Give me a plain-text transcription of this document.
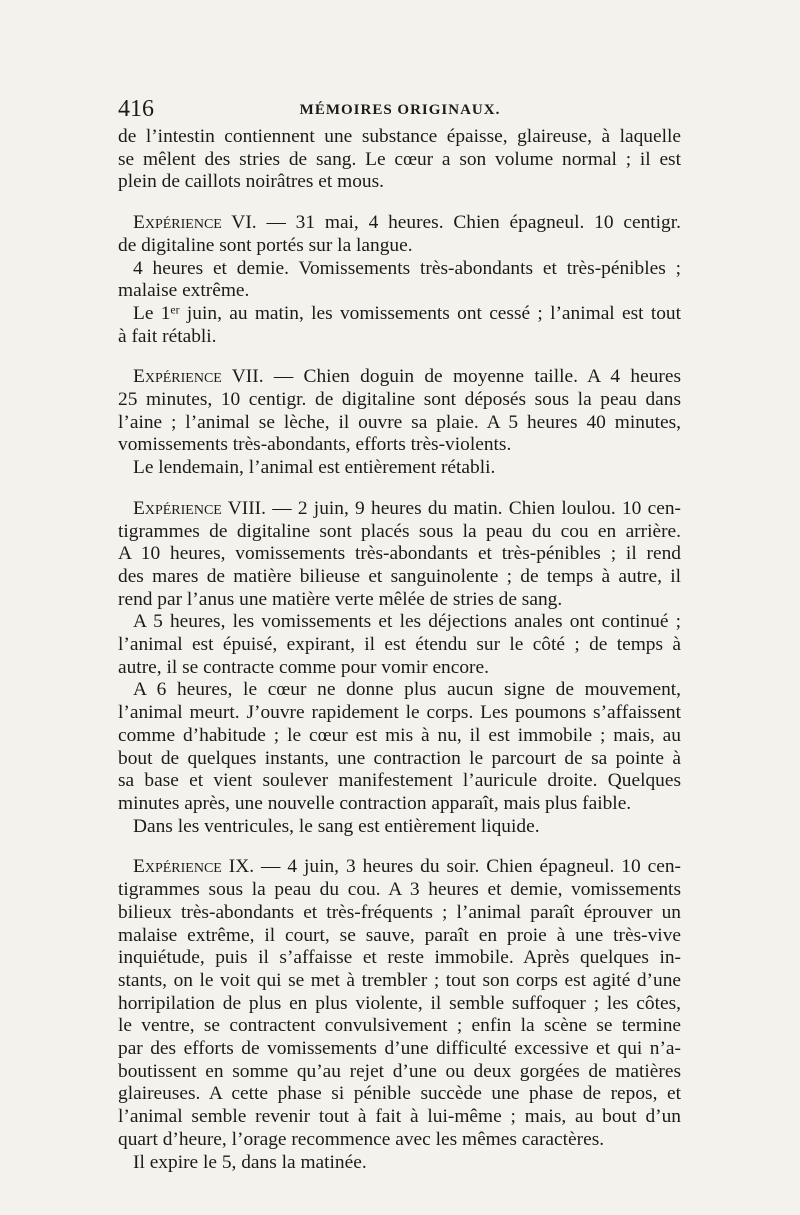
416	MÉMOIRES ORIGINAUX.
de l’intestin contiennent une substance épaisse, glaireuse, à laquelle
se mêlent des stries de sang. Le cœur a son volume normal ; il est
plein de caillots noirâtres et mous.
Expérience VI. — 31 mai, 4 heures. Chien épagneul. 10 centigr.
de digitaline sont portés sur la langue.
4 heures et demie. Vomissements très-abondants et très-pénibles ;
malaise extrême.
Le 1ᵉʳ juin, au matin, les vomissements ont cessé ; l’animal est tout
à fait rétabli.
Expérience VII. — Chien doguin de moyenne taille. A 4 heures
25 minutes, 10 centigr. de digitaline sont déposés sous la peau dans
l’aine ; l’animal se lèche, il ouvre sa plaie. A 5 heures 40 minutes,
vomissements très-abondants, efforts très-violents.
Le lendemain, l’animal est entièrement rétabli.
Expérience VIII. — 2 juin, 9 heures du matin. Chien loulou. 10 cen-
tigrammes de digitaline sont placés sous la peau du cou en arrière.
A 10 heures, vomissements très-abondants et très-pénibles ; il rend
des mares de matière bilieuse et sanguinolente ; de temps à autre, il
rend par l’anus une matière verte mêlée de stries de sang.
A 5 heures, les vomissements et les déjections anales ont continué ;
l’animal est épuisé, expirant, il est étendu sur le côté ; de temps à
autre, il se contracte comme pour vomir encore.
A 6 heures, le cœur ne donne plus aucun signe de mouvement,
l’animal meurt. J’ouvre rapidement le corps. Les poumons s’affaissent
comme d’habitude ; le cœur est mis à nu, il est immobile ; mais, au
bout de quelques instants, une contraction le parcourt de sa pointe à
sa base et vient soulever manifestement l’auricule droite. Quelques
minutes après, une nouvelle contraction apparaît, mais plus faible.
Dans les ventricules, le sang est entièrement liquide.
Expérience IX. — 4 juin, 3 heures du soir. Chien épagneul. 10 cen-
tigrammes sous la peau du cou. A 3 heures et demie, vomissements
bilieux très-abondants et très-fréquents ; l’animal paraît éprouver un
malaise extrême, il court, se sauve, paraît en proie à une très-vive
inquiétude, puis il s’affaisse et reste immobile. Après quelques in-
stants, on le voit qui se met à trembler ; tout son corps est agité d’une
horripilation de plus en plus violente, il semble suffoquer ; les côtes,
le ventre, se contractent convulsivement ; enfin la scène se termine
par des efforts de vomissements d’une difficulté excessive et qui n’a-
boutissent en somme qu’au rejet d’une ou deux gorgées de matières
glaireuses. A cette phase si pénible succède une phase de repos, et
l’animal semble revenir tout à fait à lui-même ; mais, au bout d’un
quart d’heure, l’orage recommence avec les mêmes caractères.
Il expire le 5, dans la matinée.
